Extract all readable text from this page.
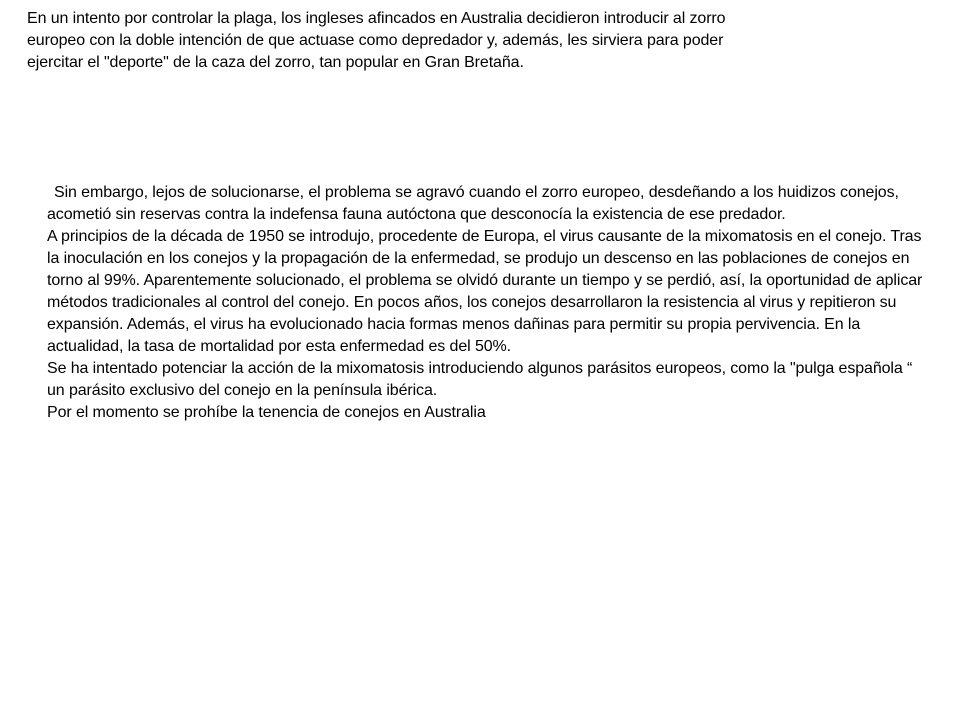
En un intento por controlar la plaga, los ingleses afincados en Australia decidieron introducir al zorro europeo con la doble intención de que actuase como depredador y, además, les sirviera para poder ejercitar el "deporte" de la caza del zorro, tan popular en Gran Bretaña.

Sin embargo, lejos de solucionarse, el problema se agravó cuando el zorro europeo, desdeñando a los huidizos conejos, acometió sin reservas contra la indefensa fauna autóctona que desconocía la existencia de ese predador.

A principios de la década de 1950 se introdujo, procedente de Europa, el virus causante de la mixomatosis en el conejo. Tras la inoculación en los conejos y la propagación de la enfermedad, se produjo un descenso en las poblaciones de conejos en torno al 99%. Aparentemente solucionado, el problema se olvidó durante un tiempo y se perdió, así, la oportunidad de aplicar métodos tradicionales al control del conejo. En pocos años, los conejos desarrollaron la resistencia al virus y repitieron su expansión. Además, el virus ha evolucionado hacia formas menos dañinas para permitir su propia pervivencia. En la actualidad, la tasa de mortalidad por esta enfermedad es del 50%.

Se ha intentado potenciar la acción de la mixomatosis introduciendo algunos parásitos europeos, como la "pulga española “ un parásito exclusivo del conejo en la península ibérica.

Por el momento se prohíbe la tenencia de conejos en Australia
